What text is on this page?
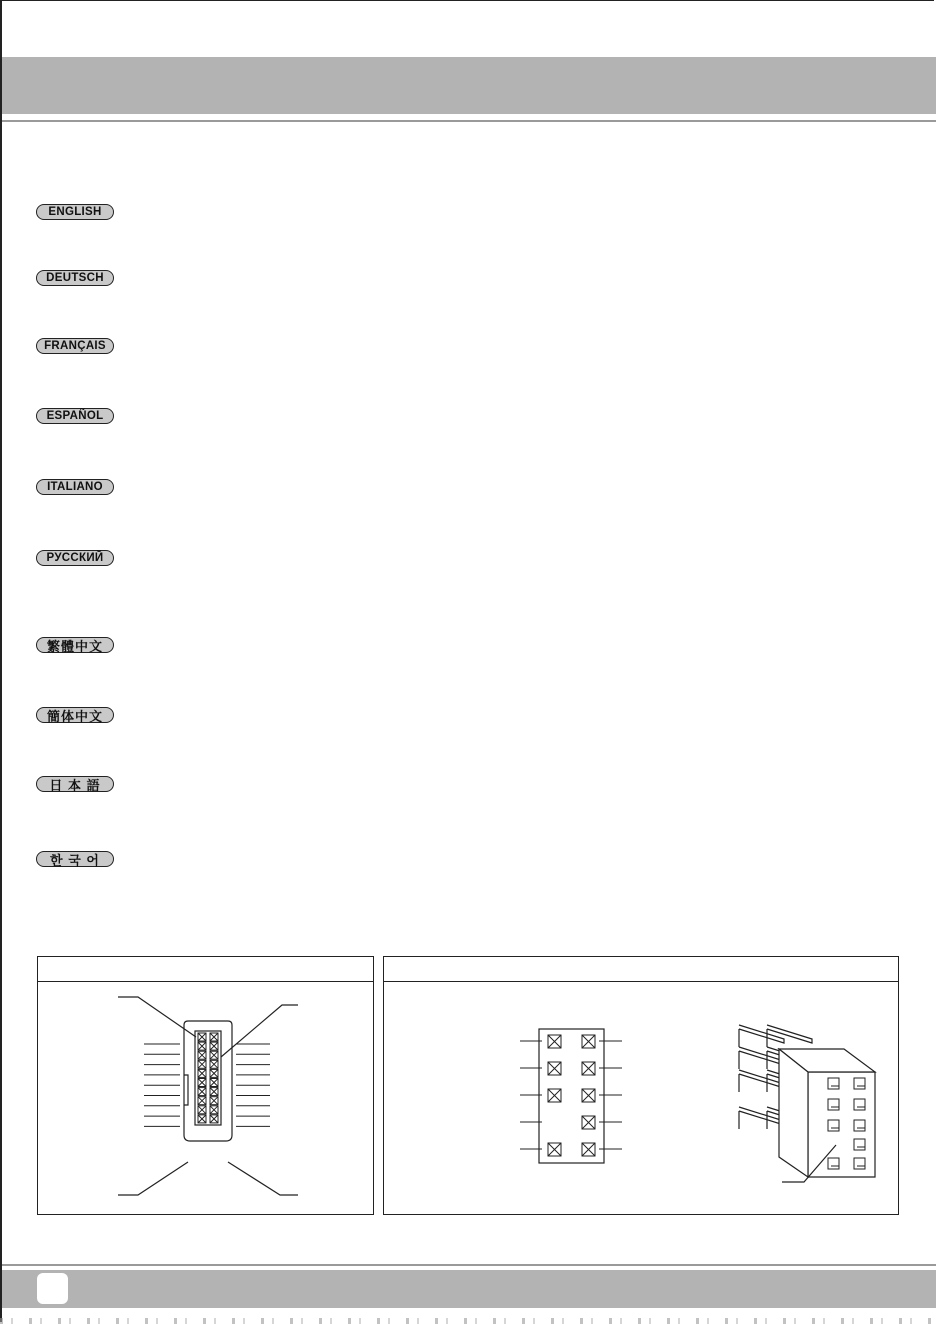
ENGLISH
DEUTSCH
FRANÇAIS
ESPAÑOL
ITALIANO
РУССКИЙ
繁體中文
簡体中文
日 本 語
한 국 어
